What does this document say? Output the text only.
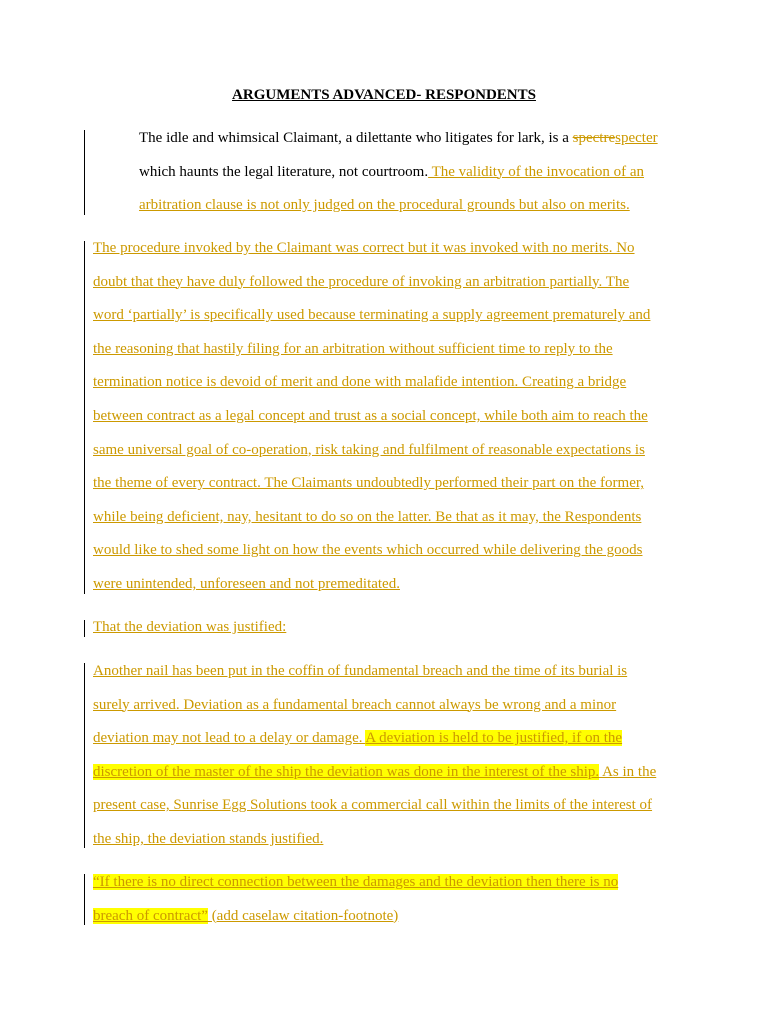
ARGUMENTS ADVANCED- RESPONDENTS
The idle and whimsical Claimant, a dilettante who litigates for lark, is a spectrespecter
which haunts the legal literature, not courtroom. The validity of the invocation of an
arbitration clause is not only judged on the procedural grounds but also on merits.
The procedure invoked by the Claimant was correct but it was invoked with no merits. No
doubt that they have duly followed the procedure of invoking an arbitration partially. The
word ‘partially’ is specifically used because terminating a supply agreement prematurely and
the reasoning that hastily filing for an arbitration without sufficient time to reply to the
termination notice is devoid of merit and done with malafide intention. Creating a bridge
between contract as a legal concept and trust as a social concept, while both aim to reach the
same universal goal of co-operation, risk taking and fulfilment of reasonable expectations is
the theme of every contract. The Claimants undoubtedly performed their part on the former,
while being deficient, nay, hesitant to do so on the latter. Be that as it may, the Respondents
would like to shed some light on how the events which occurred while delivering the goods
were unintended, unforeseen and not premeditated.
That the deviation was justified:
Another nail has been put in the coffin of fundamental breach and the time of its burial is
surely arrived. Deviation as a fundamental breach cannot always be wrong and a minor
deviation may not lead to a delay or damage. A deviation is held to be justified, if on the
discretion of the master of the ship the deviation was done in the interest of the ship. As in the
present case, Sunrise Egg Solutions took a commercial call within the limits of the interest of
the ship, the deviation stands justified.
“If there is no direct connection between the damages and the deviation then there is no
breach of contract” (add caselaw citation-footnote)
